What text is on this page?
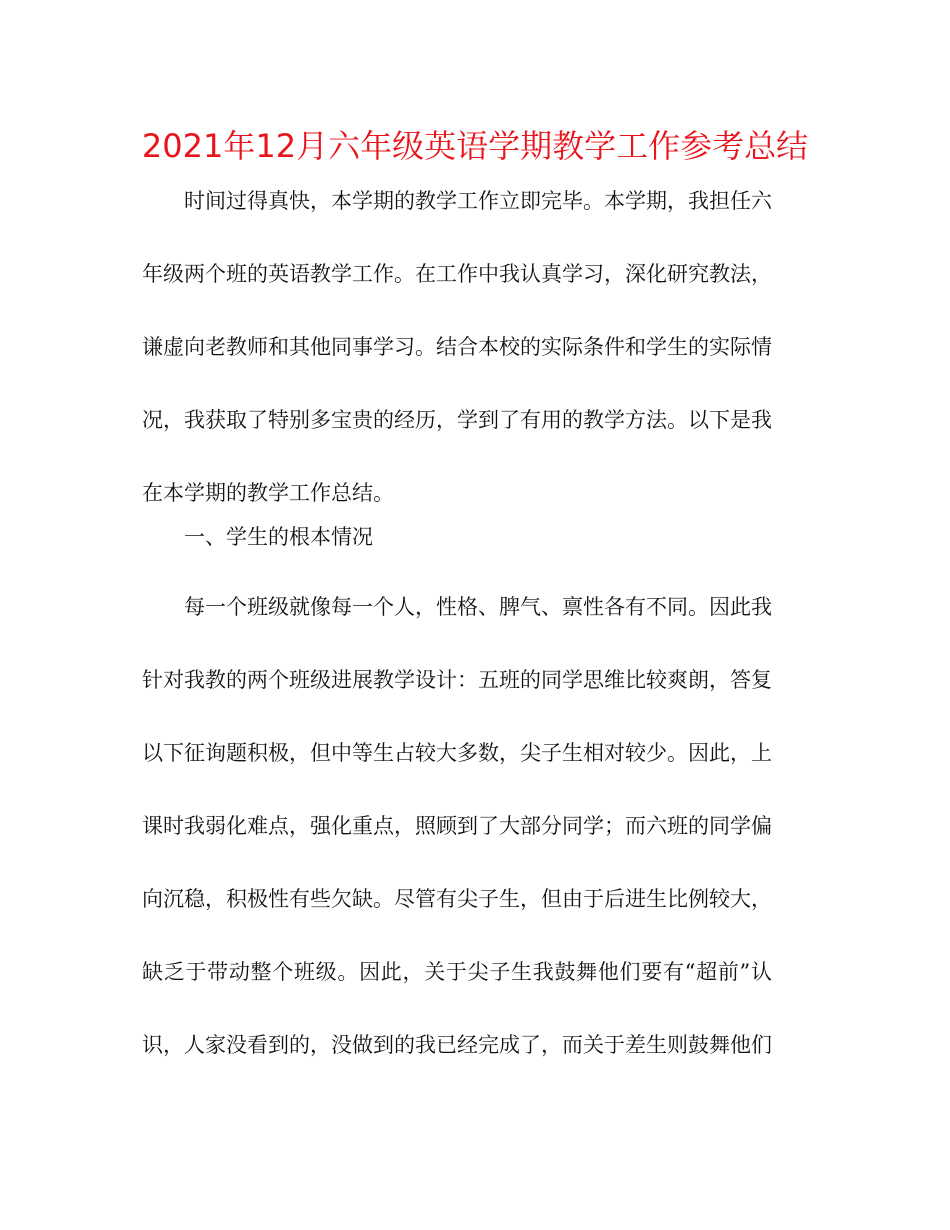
2021年12月六年级英语学期教学工作参考总结
时间过得真快，本学期的教学工作立即完毕。本学期，我担任六
年级两个班的英语教学工作。在工作中我认真学习，深化研究教法，
谦虚向老教师和其他同事学习。结合本校的实际条件和学生的实际情
况，我获取了特别多宝贵的经历，学到了有用的教学方法。以下是我
在本学期的教学工作总结。
一、学生的根本情况
每一个班级就像每一个人，性格、脾气、禀性各有不同。因此我
针对我教的两个班级进展教学设计：五班的同学思维比较爽朗，答复
以下征询题积极，但中等生占较大多数，尖子生相对较少。因此，上
课时我弱化难点，强化重点，照顾到了大部分同学；而六班的同学偏
向沉稳，积极性有些欠缺。尽管有尖子生，但由于后进生比例较大，
缺乏于带动整个班级。因此，关于尖子生我鼓舞他们要有“超前”认
识，人家没看到的，没做到的我已经完成了，而关于差生则鼓舞他们
